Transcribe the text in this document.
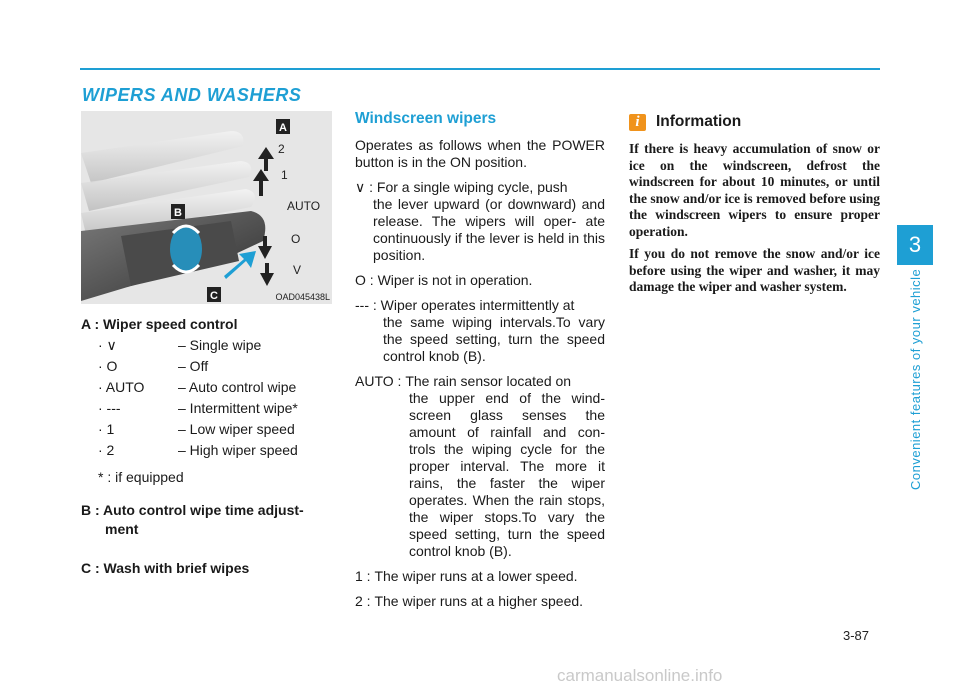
WIPERS AND WASHERS
3
Convenient features of your vehicle
A
B
C
2
1
AUTO
O
V
OAD045438L
A : Wiper speed control
· ∨	– Single wipe
· O	– Off
· AUTO	– Auto control wipe
· ---	– Intermittent wipe*
· 1	– Low wiper speed
· 2	– High wiper speed
* : if equipped
B : Auto control wipe time adjust-
ment
C : Wash with brief wipes
Windscreen wipers

Operates as follows when the POWER button is in the ON position.

∨ : For a single wiping cycle, push
the lever upward (or downward) and release. The wipers will oper- ate continuously if the lever is held in this position.
O : Wiper is not in operation.
--- : Wiper operates intermittently at
the same wiping intervals.To vary the speed setting, turn the speed control knob (B).
AUTO : The rain sensor located on
the upper end of the wind- screen glass senses the amount of rainfall and con- trols the wiping cycle for the proper interval. The more it rains, the faster the wiper operates. When the rain stops, the wiper stops.To vary the speed setting, turn the speed control knob (B).
1 : The wiper runs at a lower speed.
2 : The wiper runs at a higher speed.
i	Information

If there is heavy accumulation of snow or ice on the windscreen, defrost the windscreen for about 10 minutes, or until the snow and/or ice is removed before using the windscreen wipers to ensure proper operation.

If you do not remove the snow and/or ice before using the wiper and washer, it may damage the wiper and washer system.

3-87
carmanualsonline.info
